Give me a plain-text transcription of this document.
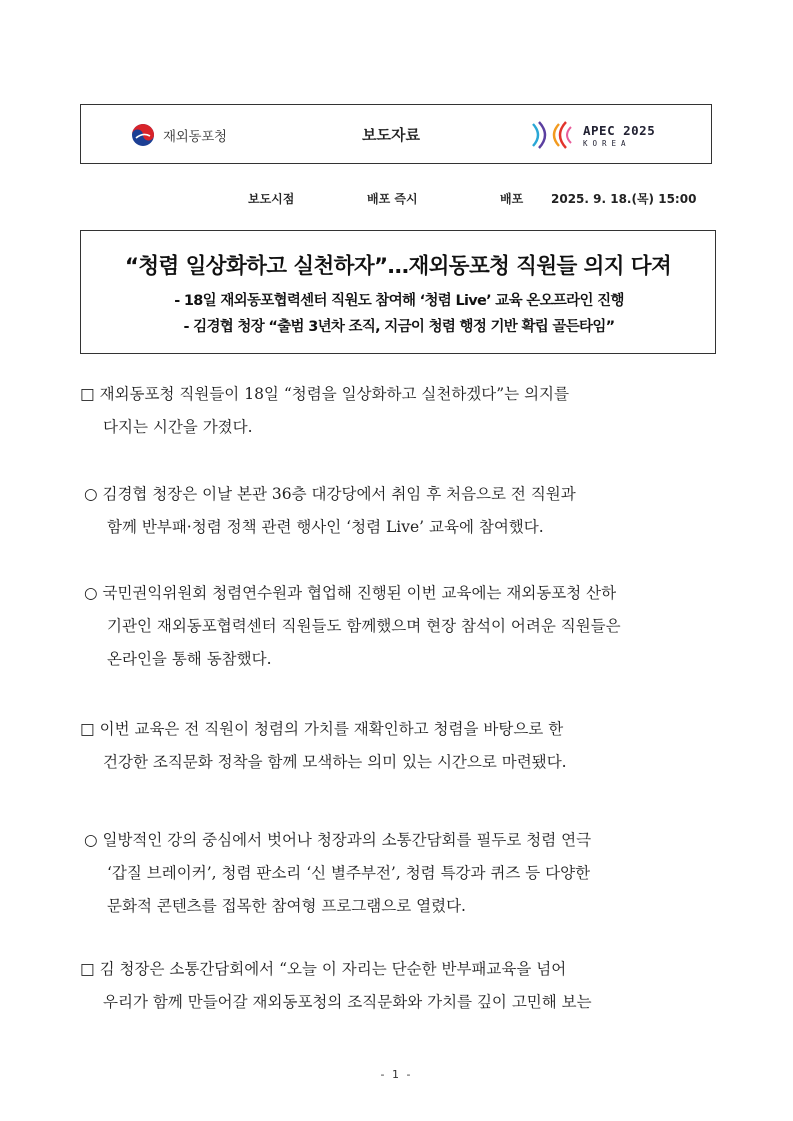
재외동포청	보도자료	APEC 2025
KOREA
보도시점	배포 즉시	배포 2025. 9. 18.(목) 15:00
“청렴 일상화하고 실천하자”…재외동포청 직원들 의지 다져
- 18일 재외동포협력센터 직원도 참여해 ‘청렴 Live’ 교육 온오프라인 진행
- 김경협 청장 “출범 3년차 조직, 지금이 청렴 행정 기반 확립 골든타임”
□ 재외동포청 직원들이 18일 “청렴을 일상화하고 실천하겠다”는 의지를
다지는 시간을 가졌다.
○ 김경협 청장은 이날 본관 36층 대강당에서 취임 후 처음으로 전 직원과
함께 반부패·청렴 정책 관련 행사인 ‘청렴 Live’ 교육에 참여했다.
○ 국민권익위원회 청렴연수원과 협업해 진행된 이번 교육에는 재외동포청 산하
기관인 재외동포협력센터 직원들도 함께했으며 현장 참석이 어려운 직원들은
온라인을 통해 동참했다.
□ 이번 교육은 전 직원이 청렴의 가치를 재확인하고 청렴을 바탕으로 한
건강한 조직문화 정착을 함께 모색하는 의미 있는 시간으로 마련됐다.
○ 일방적인 강의 중심에서 벗어나 청장과의 소통간담회를 필두로 청렴 연극
‘갑질 브레이커’, 청렴 판소리 ‘신 별주부전’, 청렴 특강과 퀴즈 등 다양한
문화적 콘텐츠를 접목한 참여형 프로그램으로 열렸다.
□ 김 청장은 소통간담회에서 “오늘 이 자리는 단순한 반부패교육을 넘어
우리가 함께 만들어갈 재외동포청의 조직문화와 가치를 깊이 고민해 보는
- 1 -
